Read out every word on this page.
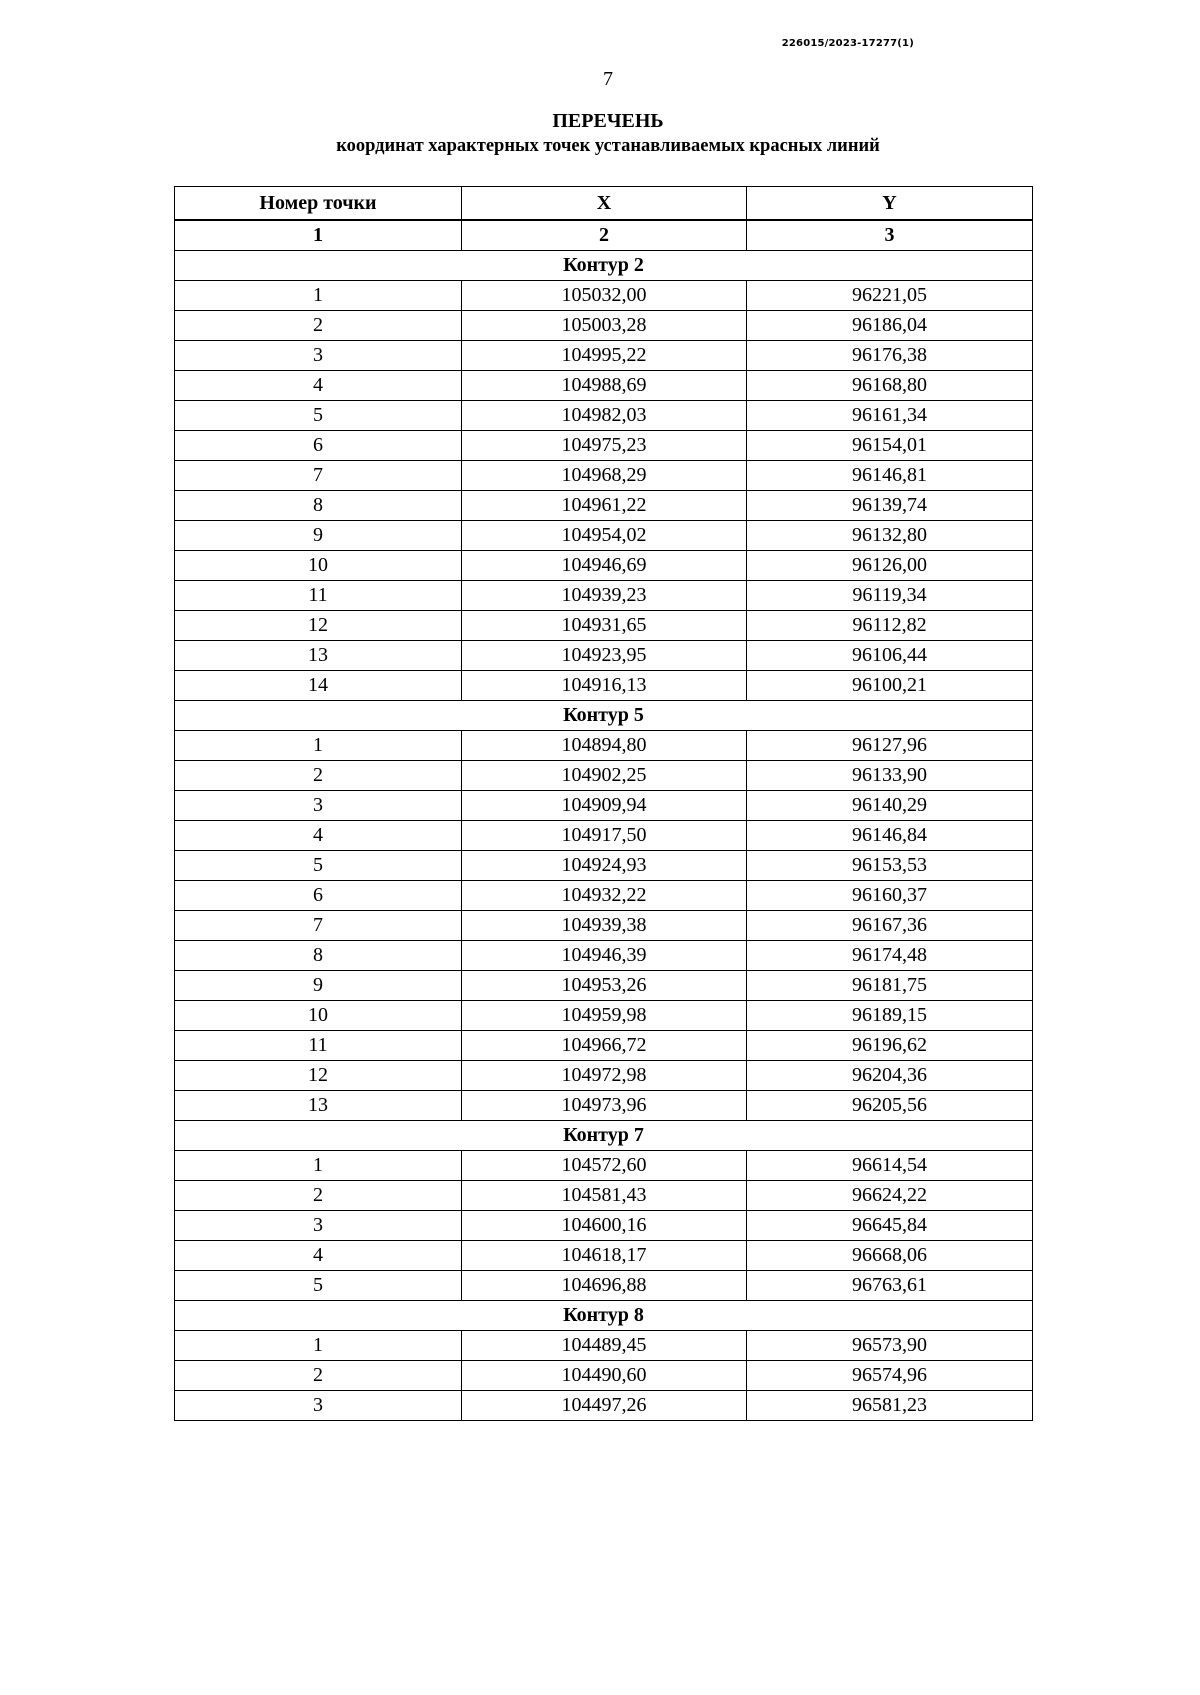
226015/2023-17277(1)
7
ПЕРЕЧЕНЬ
координат характерных точек устанавливаемых красных линий
Номер точки	X	Y
1	2	3
Контур 2		
1	105032,00	96221,05
2	105003,28	96186,04
3	104995,22	96176,38
4	104988,69	96168,80
5	104982,03	96161,34
6	104975,23	96154,01
7	104968,29	96146,81
8	104961,22	96139,74
9	104954,02	96132,80
10	104946,69	96126,00
11	104939,23	96119,34
12	104931,65	96112,82
13	104923,95	96106,44
14	104916,13	96100,21
Контур 5		
1	104894,80	96127,96
2	104902,25	96133,90
3	104909,94	96140,29
4	104917,50	96146,84
5	104924,93	96153,53
6	104932,22	96160,37
7	104939,38	96167,36
8	104946,39	96174,48
9	104953,26	96181,75
10	104959,98	96189,15
11	104966,72	96196,62
12	104972,98	96204,36
13	104973,96	96205,56
Контур 7		
1	104572,60	96614,54
2	104581,43	96624,22
3	104600,16	96645,84
4	104618,17	96668,06
5	104696,88	96763,61
Контур 8		
1	104489,45	96573,90
2	104490,60	96574,96
3	104497,26	96581,23
